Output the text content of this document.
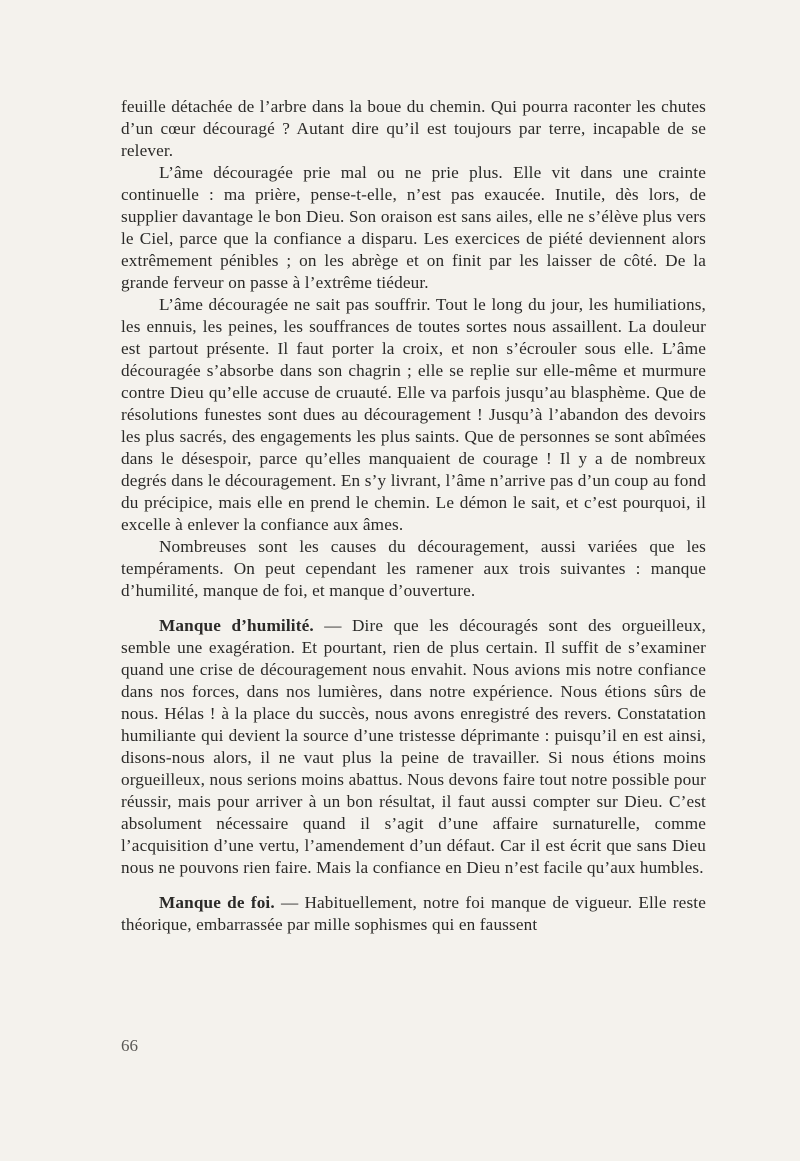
feuille détachée de l’arbre dans la boue du chemin. Qui pourra raconter les chutes d’un cœur découragé ? Autant dire qu’il est toujours par terre, incapable de se relever.

L’âme découragée prie mal ou ne prie plus. Elle vit dans une crainte continuelle : ma prière, pense-t-elle, n’est pas exaucée. Inutile, dès lors, de supplier davantage le bon Dieu. Son oraison est sans ailes, elle ne s’élève plus vers le Ciel, parce que la confiance a disparu. Les exercices de piété deviennent alors extrêmement pénibles ; on les abrège et on finit par les laisser de côté. De la grande ferveur on passe à l’extrême tiédeur.

L’âme découragée ne sait pas souffrir. Tout le long du jour, les humiliations, les ennuis, les peines, les souffrances de toutes sortes nous assaillent. La douleur est partout présente. Il faut porter la croix, et non s’écrouler sous elle. L’âme découragée s’absorbe dans son chagrin ; elle se replie sur elle-même et murmure contre Dieu qu’elle accuse de cruauté. Elle va parfois jusqu’au blasphème. Que de résolutions funestes sont dues au découragement ! Jusqu’à l’abandon des devoirs les plus sacrés, des engagements les plus saints. Que de personnes se sont abîmées dans le désespoir, parce qu’elles manquaient de courage ! Il y a de nombreux degrés dans le découragement. En s’y livrant, l’âme n’arrive pas d’un coup au fond du précipice, mais elle en prend le chemin. Le démon le sait, et c’est pourquoi, il excelle à enlever la confiance aux âmes.

Nombreuses sont les causes du découragement, aussi variées que les tempéraments. On peut cependant les ramener aux trois suivantes : manque d’humilité, manque de foi, et manque d’ouverture.

Manque d’humilité. — Dire que les découragés sont des orgueilleux, semble une exagération. Et pourtant, rien de plus certain. Il suffit de s’examiner quand une crise de découragement nous envahit. Nous avions mis notre confiance dans nos forces, dans nos lumières, dans notre expérience. Nous étions sûrs de nous. Hélas ! à la place du succès, nous avons enregistré des revers. Constatation humiliante qui devient la source d’une tristesse déprimante : puisqu’il en est ainsi, disons-nous alors, il ne vaut plus la peine de travailler. Si nous étions moins orgueilleux, nous serions moins abattus. Nous devons faire tout notre possible pour réussir, mais pour arriver à un bon résultat, il faut aussi compter sur Dieu. C’est absolument nécessaire quand il s’agit d’une affaire surnaturelle, comme l’acquisition d’une vertu, l’amendement d’un défaut. Car il est écrit que sans Dieu nous ne pouvons rien faire. Mais la confiance en Dieu n’est facile qu’aux humbles.

Manque de foi. — Habituellement, notre foi manque de vigueur. Elle reste théorique, embarrassée par mille sophismes qui en faussent

66
